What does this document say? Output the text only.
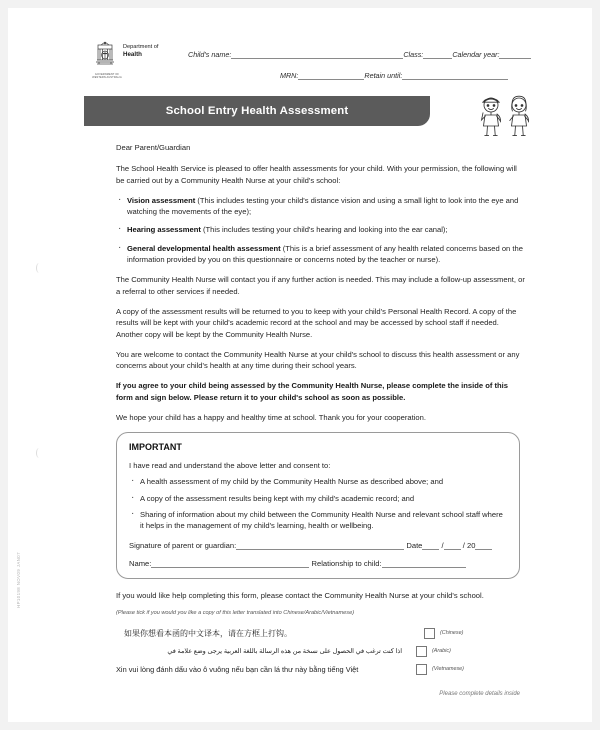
HP10198 NOV09 JAN07
GOVERNMENT OF
WESTERN AUSTRALIA
Department of
Health	Child's name:	Class:	Calendar year:
MRN:	Retain until:
School Entry Health Assessment

Dear Parent/Guardian

The School Health Service is pleased to offer health assessments for your child. With your permission, the following will be carried out by a Community Health Nurse at your child's school:

· Vision assessment (This includes testing your child's distance vision and using a small light to look into the eye and watching the movements of the eye);
· Hearing assessment (This includes testing your child's hearing and looking into the ear canal);
· General developmental health assessment (This is a brief assessment of any health related concerns based on the information provided by you on this questionnaire or concerns noted by the teacher or nurse).

The Community Health Nurse will contact you if any further action is needed. This may include a follow-up assessment, or a referral to other services if needed.

A copy of the assessment results will be returned to you to keep with your child's Personal Health Record. A copy of the results will be kept with your child's academic record at the school and may be accessed by school staff if needed. Another copy will be kept by the Community Health Nurse.

You are welcome to contact the Community Health Nurse at your child's school to discuss this health assessment or any concerns about your child's health at any time during their school years.

If you agree to your child being assessed by the Community Health Nurse, please complete the inside of this form and sign below. Please return it to your child's school as soon as possible.

We hope your child has a happy and healthy time at school. Thank you for your cooperation.

IMPORTANT
I have read and understand the above letter and consent to:
· A health assessment of my child by the Community Health Nurse as described above; and
· A copy of the assessment results being kept with my child's academic record; and
· Sharing of information about my child between the Community Health Nurse and relevant school staff where it helps in the management of my child's learning, health or wellbeing.
Signature of parent or guardian:	Date	/	/ 20
Name:	Relationship to child:

If you would like help completing this form, please contact the Community Health Nurse at your child's school.

(Please tick if you would you like a copy of this letter translated into Chinese/Arabic/Vietnamese)

如果你想看本函的中文译本，请在方框上打钩。	(Chinese)
اذا كنت ترغب في الحصول على نسخة من هذه الرسالة باللغة العربية يرجى وضع علامة في	(Arabic)
Xin vui lòng đánh dấu vào ô vuông nếu bạn cần lá thư này bằng tiếng Việt	(Vietnamese)
Please complete details inside
